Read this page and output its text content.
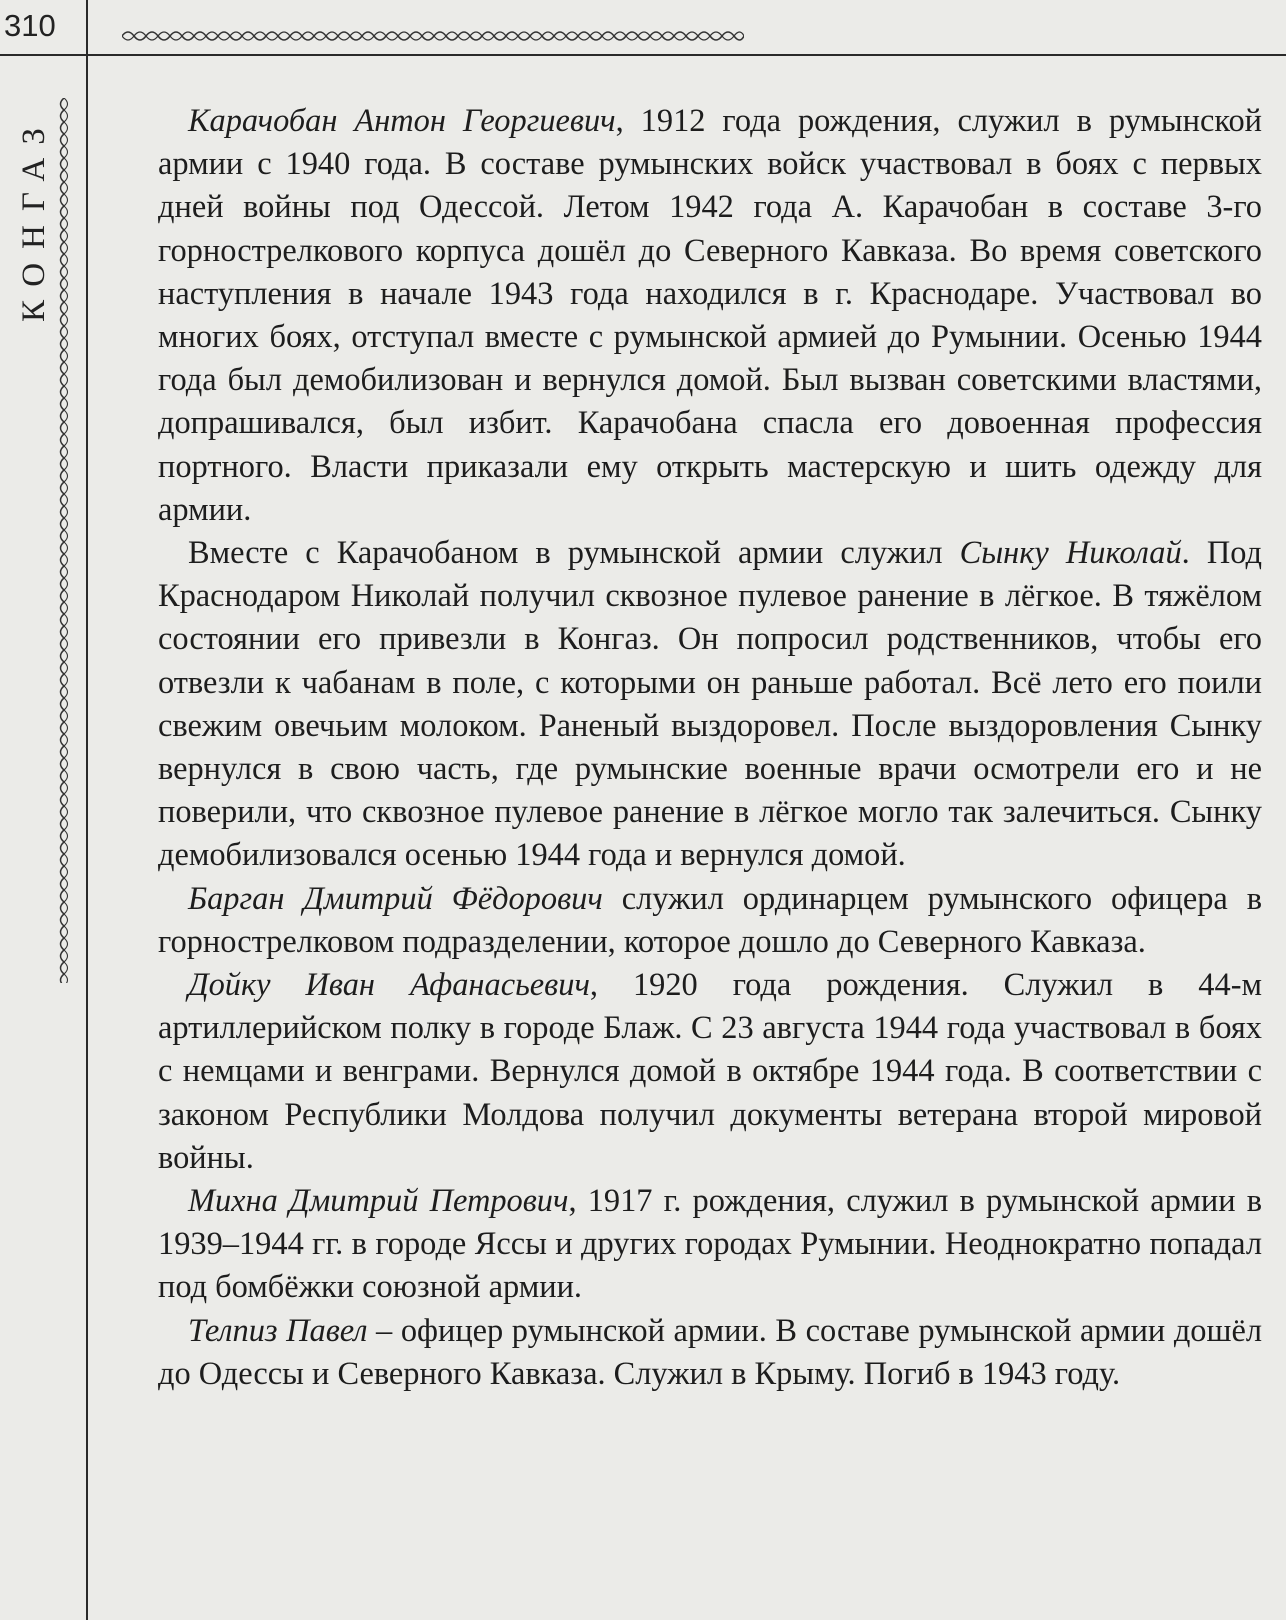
310
КОНГАЗ	Карачобан Антон Георгиевич, 1912 года рождения, служил в румынской армии с 1940 года. В составе румынских войск участвовал в боях с первых дней войны под Одессой. Летом 1942 года А. Карачобан в составе 3-го горнострелкового корпуса дошёл до Северного Кавказа. Во время советского наступления в начале 1943 года находился в г. Краснодаре. Участвовал во многих боях, отступал вместе с румынской армией до Румынии. Осенью 1944 года был демобилизован и вернулся домой. Был вызван советскими властями, допрашивался, был избит. Карачобана спасла его довоенная профессия портного. Власти приказали ему открыть мастерскую и шить одежду для армии.

Вместе с Карачобаном в румынской армии служил Сынку Николай. Под Краснодаром Николай получил сквозное пулевое ранение в лёгкое. В тяжёлом состоянии его привезли в Конгаз. Он попросил родственников, чтобы его отвезли к чабанам в поле, с которыми он раньше работал. Всё лето его поили свежим овечьим молоком. Раненый выздоровел. После выздоровления Сынку вернулся в свою часть, где румынские военные врачи осмотрели его и не поверили, что сквозное пулевое ранение в лёгкое могло так залечиться. Сынку демобилизовался осенью 1944 года и вернулся домой.

Барган Дмитрий Фёдорович служил ординарцем румынского офицера в горнострелковом подразделении, которое дошло до Северного Кавказа.

Дойку Иван Афанасьевич, 1920 года рождения. Служил в 44-м артиллерийском полку в городе Блаж. С 23 августа 1944 года участвовал в боях с немцами и венграми. Вернулся домой в октябре 1944 года. В соответствии с законом Республики Молдова получил документы ветерана второй мировой войны.

Михна Дмитрий Петрович, 1917 г. рождения, служил в румынской армии в 1939–1944 гг. в городе Яссы и других городах Румынии. Неоднократно попадал под бомбёжки союзной армии.

Телпиз Павел – офицер румынской армии. В составе румынской армии дошёл до Одессы и Северного Кавказа. Служил в Крыму. Погиб в 1943 году.
